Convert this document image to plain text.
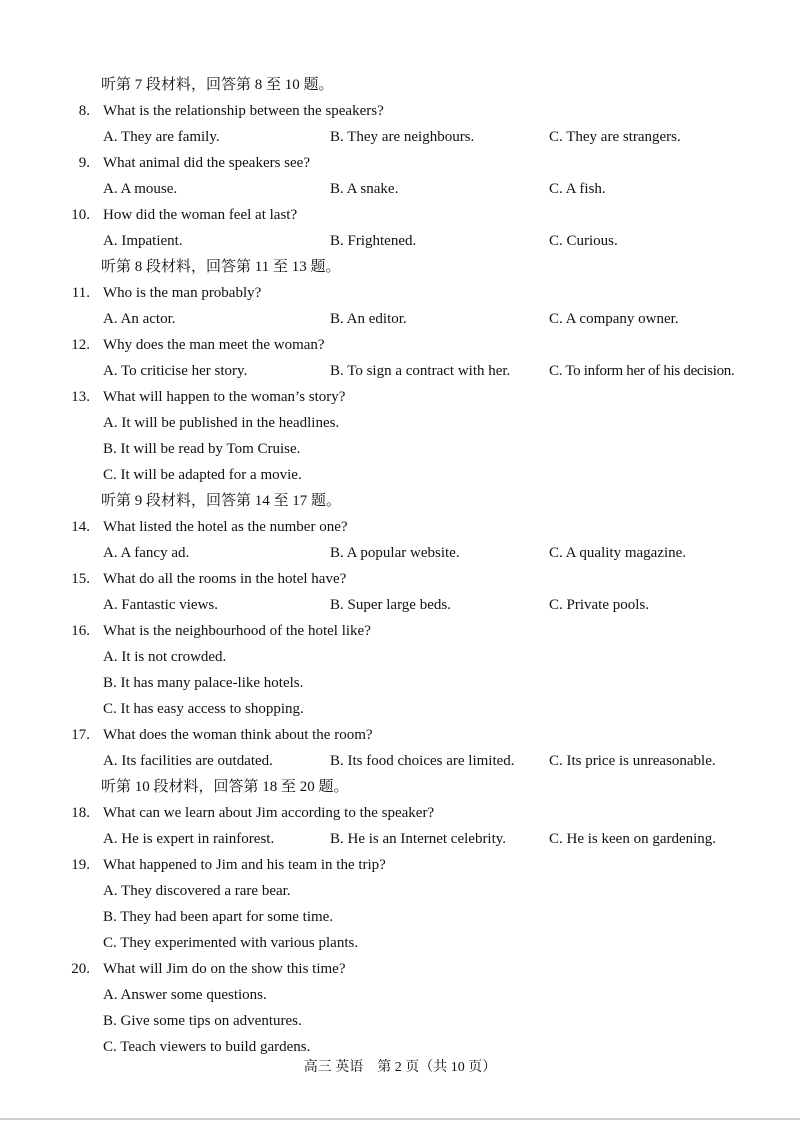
听第 7 段材料，回答第 8 至 10 题。
8. What is the relationship between the speakers?
A. They are family.	B. They are neighbours.	C. They are strangers.
9. What animal did the speakers see?
A. A mouse.	B. A snake.	C. A fish.
10. How did the woman feel at last?
A. Impatient.	B. Frightened.	C. Curious.
听第 8 段材料，回答第 11 至 13 题。
11. Who is the man probably?
A. An actor.	B. An editor.	C. A company owner.
12. Why does the man meet the woman?
A. To criticise her story.	B. To sign a contract with her.	C. To inform her of his decision.
13. What will happen to the woman’s story?
A. It will be published in the headlines.
B. It will be read by Tom Cruise.
C. It will be adapted for a movie.
听第 9 段材料，回答第 14 至 17 题。
14. What listed the hotel as the number one?
A. A fancy ad.	B. A popular website.	C. A quality magazine.
15. What do all the rooms in the hotel have?
A. Fantastic views.	B. Super large beds.	C. Private pools.
16. What is the neighbourhood of the hotel like?
A. It is not crowded.
B. It has many palace-like hotels.
C. It has easy access to shopping.
17. What does the woman think about the room?
A. Its facilities are outdated.	B. Its food choices are limited. C. Its price is unreasonable.
听第 10 段材料，回答第 18 至 20 题。
18. What can we learn about Jim according to the speaker?
A. He is expert in rainforest.	B. He is an Internet celebrity.	C. He is keen on gardening.
19. What happened to Jim and his team in the trip?
A. They discovered a rare bear.
B. They had been apart for some time.
C. They experimented with various plants.
20. What will Jim do on the show this time?
A. Answer some questions.
B. Give some tips on adventures.
C. Teach viewers to build gardens.
高三 英语　第 2 页（共 10 页）
